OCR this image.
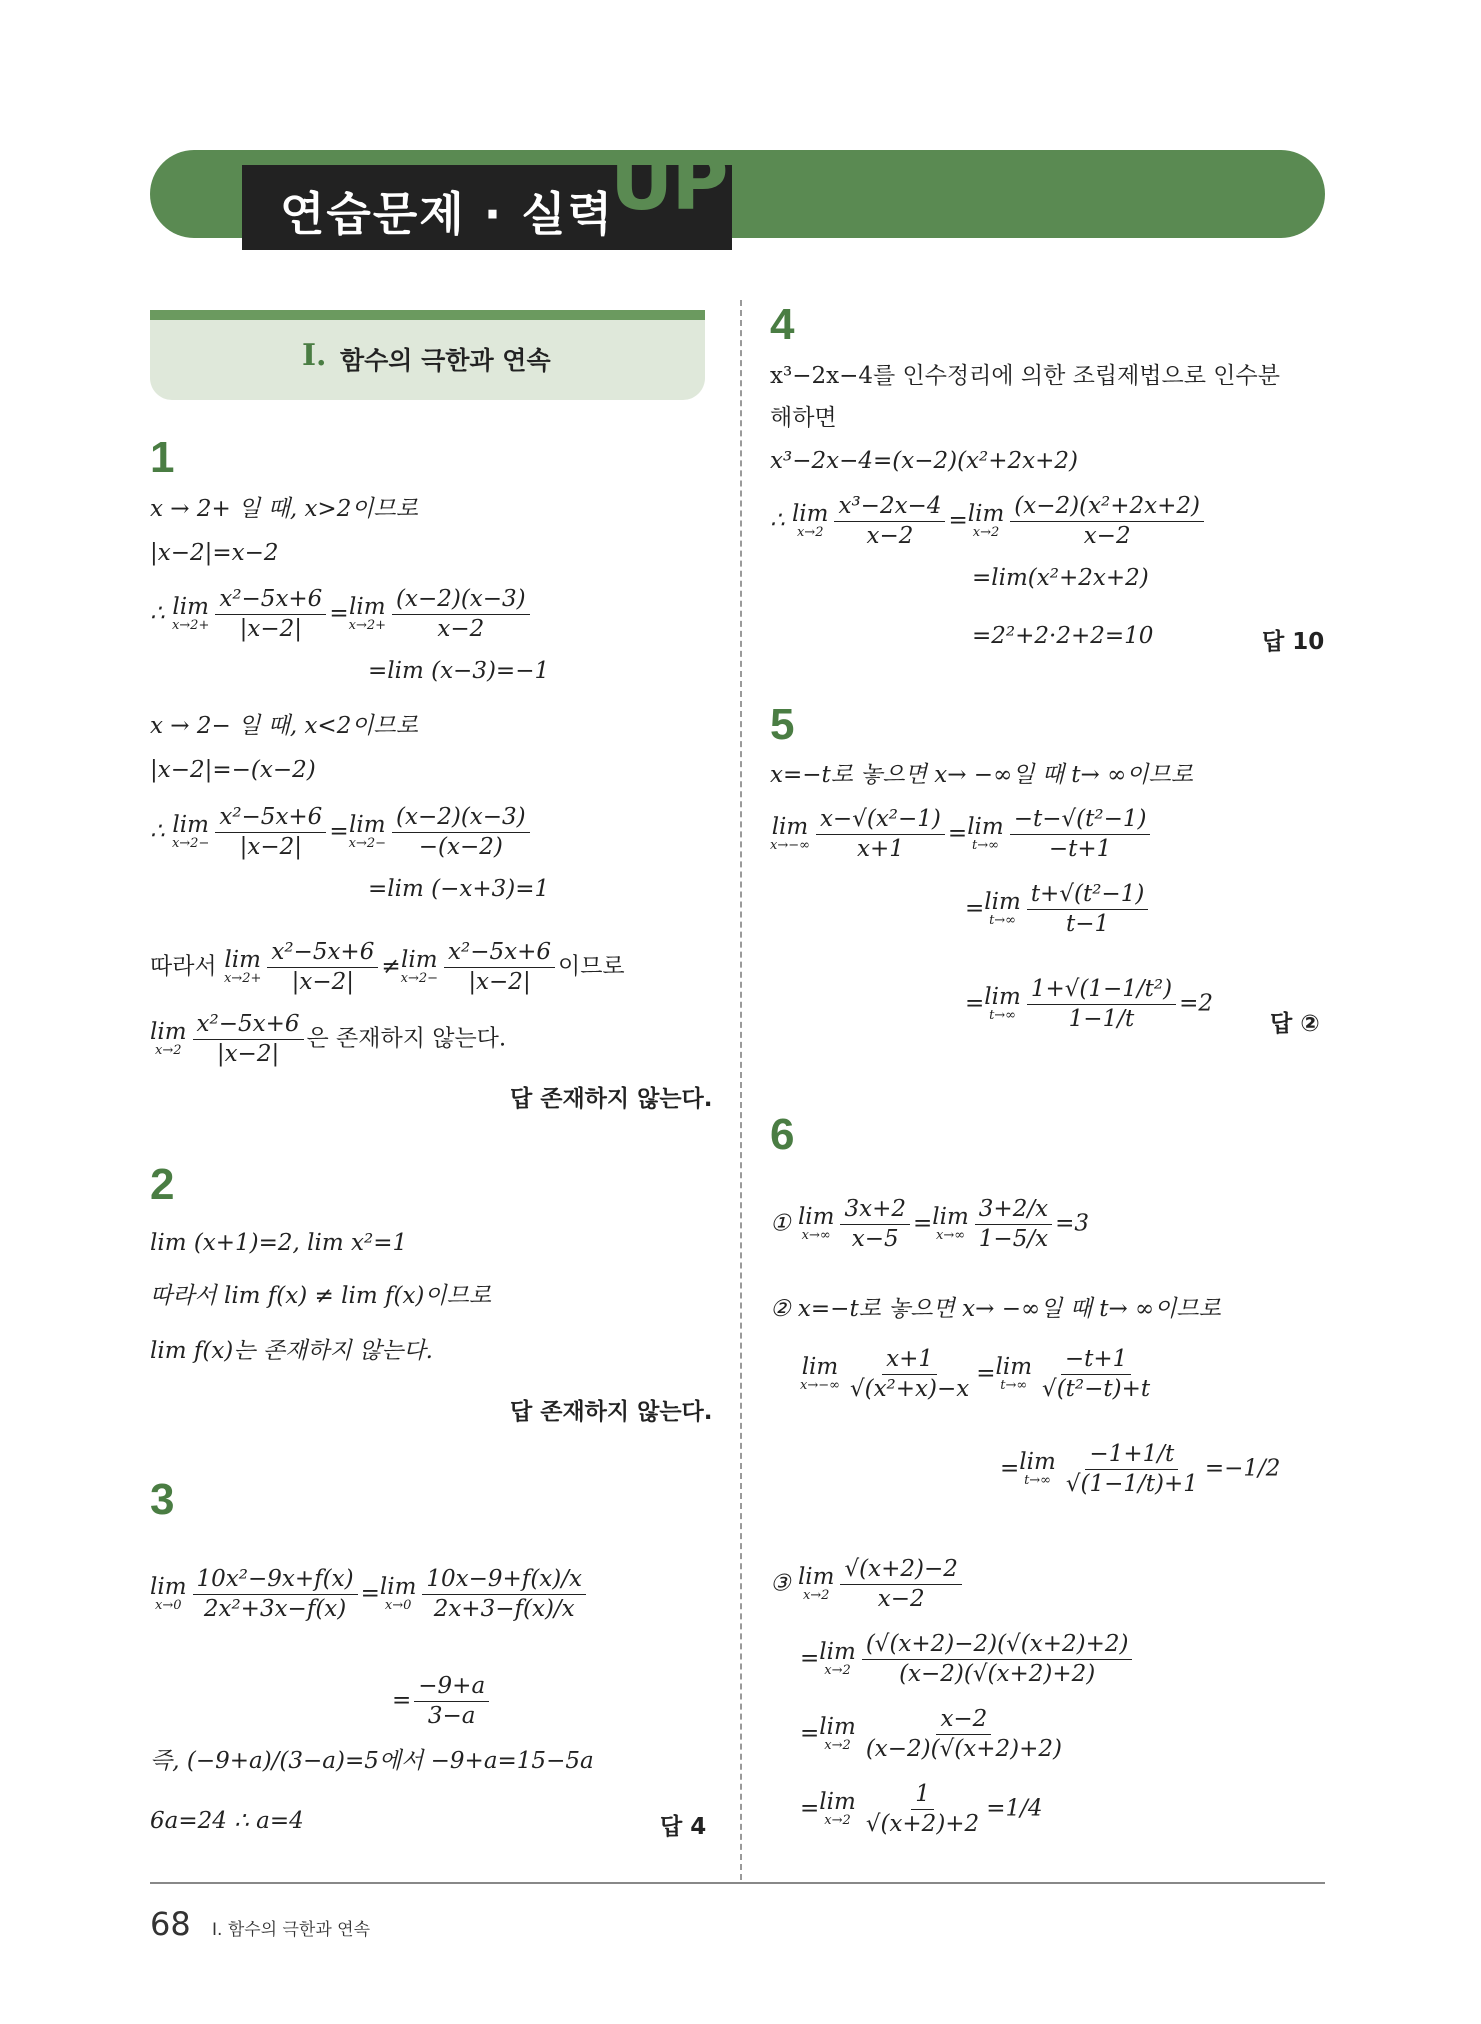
연습문제 · 실력
UP
Ⅰ. 함수의 극한과 연속
1
x → 2+ 일 때, x>2이므로
|x−2|=x−2
∴ lim
$x\to 2+ \frac{\text{x²−5x+6}}{|x-2|} =\lim$
$x\to 2+ \frac{(x-2)(x-3)}{x-2}$
=lim (x−3)=−1
x → 2− 일 때, x<2이므로
|x−2|=−(x−2)
∴ lim
$x\to 2- \frac{\text{x²−5x+6}}{|x-2|} =\lim$
$x\to 2- \frac{(x-2)(x-3)}{-(x-2)}$
=lim (−x+3)=1
따라서 lim
$x\to 2+ \frac{\text{x²−5x+6}}{|x-2|} \ne\lim$
$x\to 2- \frac{\text{x²−5x+6}}{|x-2|}$ 이므로
lim
$x\to 2 \frac{\text{x²−5x+6}}{|x-2|}$ 은 존재하지 않는다.
답 존재하지 않는다.
2
lim (x+1)=2, lim x²=1
따라서 lim f(x) ≠ lim f(x)이므로
lim f(x)는 존재하지 않는다.
답 존재하지 않는다.
3
lim
$x\to 0 \frac{\text{10x²−9x+f(x)}}{\text{2x²+3x−f(x)}} =\lim$
$x\to 0 \frac{10x-9+f(x)/x}{2x+3-f(x)/x}$
= $\frac{-9+a}{3-a}$
즉, (−9+a)/(3−a)=5에서 −9+a=15−5a
6a=24 ∴ a=4	답 4
4
x³−2x−4를 인수정리에 의한 조립제법으로 인수분
해하면
x³−2x−4=(x−2)(x²+2x+2)
∴ lim
$x\to 2 \frac{\text{x³−2x−4}}{x-2} =\lim$
$x\to 2 \frac{\text{(x−2)(x²+2x+2)}}{x-2}$
=lim(x²+2x+2)
=2²+2·2+2=10	답 10
5
x=−t로 놓으면 x→ −∞일 때 t→ ∞이므로
lim
$x\to-\infty \frac{\text{x−√(x²−1)}}{x+1} =\lim$
$t\to\infty \frac{\text{−t−√(t²−1)}}{-t+1}$
=lim
$t\to\infty \frac{\text{t+√(t²−1)}}{t-1}$
=lim
$t\to\infty \frac{\text{1+√(1−1/t²)}}{1-1/t} =2$
답 ②
6
① lim
$x\to\infty \frac{3x+2}{x-5} =\lim$
$x\to\infty \frac{3+2/x}{1-5/x} =3$
② x=−t로 놓으면 x→ −∞일 때 t→ ∞이므로
lim
$x\to-\infty \frac{x+1}{\text{√(x²+x)−x}} =\lim$
$t\to\infty \frac{-t+1}{\text{√(t²−t)+t}}$
=lim
$t\to\infty \frac{-1+1/t}{√(1-1/t)+1} =-1/2$
③ lim
$x\to 2 \frac{√(x+2)-2}{x-2}$
=lim
$x\to 2 \frac{(√(x+2)-2)(√(x+2)+2)}{(x-2)(√(x+2)+2)}$
=lim
$x\to 2 \frac{x-2}{(x-2)(√(x+2)+2)}$
=lim
$x\to 2 \frac{1}{√(x+2)+2} =1/4$
68 Ⅰ. 함수의 극한과 연속
